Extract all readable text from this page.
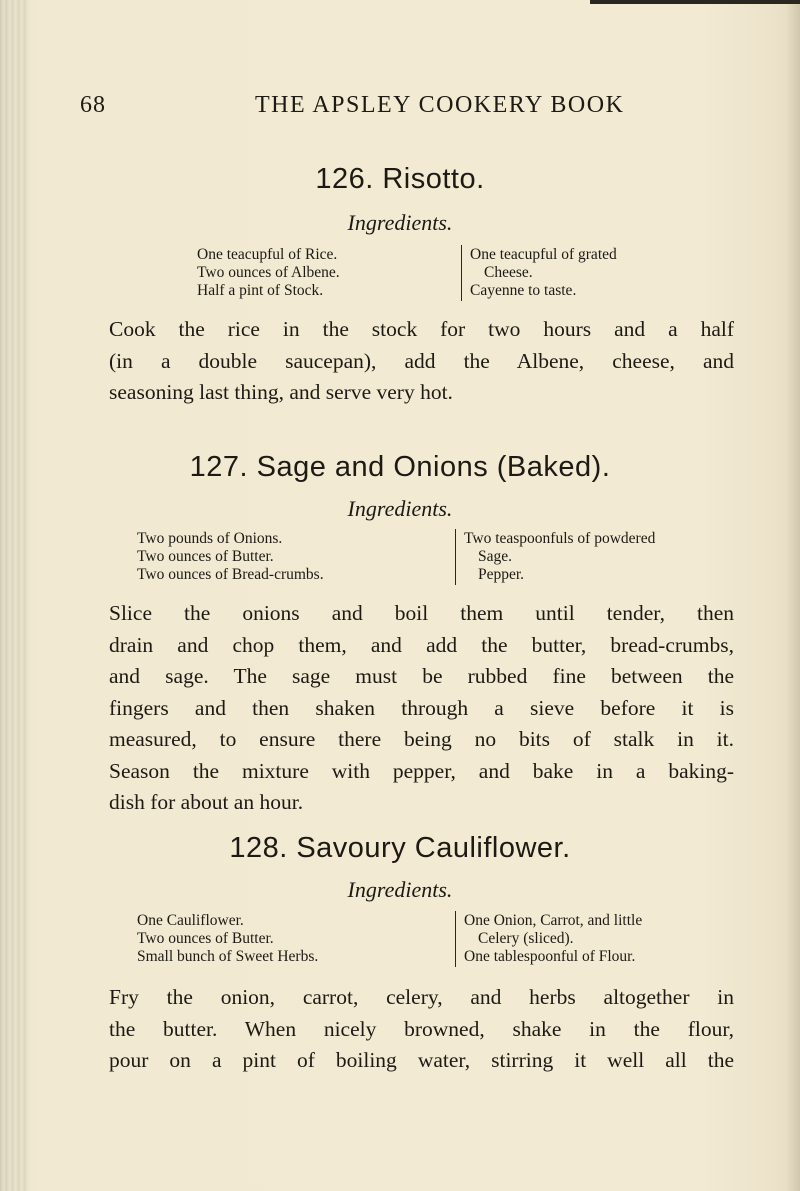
68	THE APSLEY COOKERY BOOK
126. Risotto.
Ingredients.
One teacupful of Rice.
Two ounces of Albene.
Half a pint of Stock.
One teacupful of grated
Cheese.
Cayenne to taste.
Cook the rice in the stock for two hours and a half
(in a double saucepan), add the Albene, cheese, and
seasoning last thing, and serve very hot.
127. Sage and Onions (Baked).
Ingredients.
Two pounds of Onions.
Two ounces of Butter.
Two ounces of Bread-crumbs.
Two teaspoonfuls of powdered
Sage.
Pepper.
Slice the onions and boil them until tender, then
drain and chop them, and add the butter, bread-crumbs,
and sage. The sage must be rubbed fine between the
fingers and then shaken through a sieve before it is
measured, to ensure there being no bits of stalk in it.
Season the mixture with pepper, and bake in a baking-
dish for about an hour.
128. Savoury Cauliflower.
Ingredients.
One Cauliflower.
Two ounces of Butter.
Small bunch of Sweet Herbs.
One Onion, Carrot, and little
Celery (sliced).
One tablespoonful of Flour.
Fry the onion, carrot, celery, and herbs altogether in
the butter. When nicely browned, shake in the flour,
pour on a pint of boiling water, stirring it well all the
